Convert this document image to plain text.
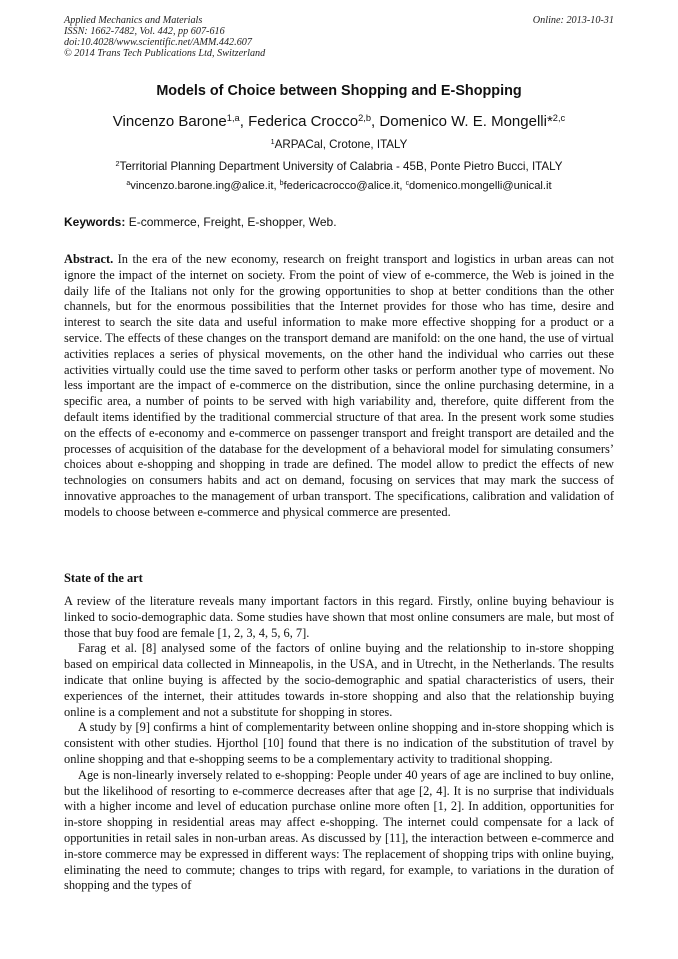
Applied Mechanics and Materials
ISSN: 1662-7482, Vol. 442, pp 607-616
doi:10.4028/www.scientific.net/AMM.442.607
© 2014 Trans Tech Publications Ltd, Switzerland
Online: 2013-10-31
Models of Choice between Shopping and E-Shopping
Vincenzo Barone$^{1,a}$, Federica Crocco$^{2,b}$, Domenico W. E. Mongelli*$^{2,c}$
$^1$ARPACal, Crotone, ITALY
$^2$Territorial Planning Department University of Calabria - 45B, Ponte Pietro Bucci, ITALY
$^a$vincenzo.barone.ing@alice.it, $^b$federicacrocco@alice.it, $^c$domenico.mongelli@unical.it
Keywords: E-commerce, Freight, E-shopper, Web.
Abstract. In the era of the new economy, research on freight transport and logistics in urban areas can not ignore the impact of the internet on society. From the point of view of e-commerce, the Web is joined in the daily life of the Italians not only for the growing opportunities to shop at better conditions than the other channels, but for the enormous possibilities that the Internet provides for those who has time, desire and interest to search the site data and useful information to make more effective shopping for a product or a service. The effects of these changes on the transport demand are manifold: on the one hand, the use of virtual activities replaces a series of physical movements, on the other hand the individual who carries out these activities virtually could use the time saved to perform other tasks or perform another type of movement. No less important are the impact of e-commerce on the distribution, since the online purchasing determine, in a specific area, a number of points to be served with high variability and, therefore, quite different from the default items identified by the traditional commercial structure of that area. In the present work some studies on the effects of e-economy and e-commerce on passenger transport and freight transport are detailed and the processes of acquisition of the database for the development of a behavioral model for simulating consumers’ choices about e-shopping and shopping in trade are defined. The model allow to predict the effects of new technologies on consumers habits and act on demand, focusing on services that may mark the success of innovative approaches to the management of urban transport. The specifications, calibration and validation of models to choose between e-commerce and physical commerce are presented.
State of the art

A review of the literature reveals many important factors in this regard. Firstly, online buying behaviour is linked to socio-demographic data. Some studies have shown that most online consumers are male, but most of those that buy food are female [1, 2, 3, 4, 5, 6, 7].

Farag et al. [8] analysed some of the factors of online buying and the relationship to in-store shopping based on empirical data collected in Minneapolis, in the USA, and in Utrecht, in the Netherlands. The results indicate that online buying is affected by the socio-demographic and spatial characteristics of users, their experiences of the internet, their attitudes towards in-store shopping and also that the relationship buying online is a complement and not a substitute for shopping in stores.

A study by [9] confirms a hint of complementarity between online shopping and in-store shopping which is consistent with other studies. Hjorthol [10] found that there is no indication of the substitution of travel by online shopping and that e-shopping seems to be a complementary activity to traditional shopping.

Age is non-linearly inversely related to e-shopping: People under 40 years of age are inclined to buy online, but the likelihood of resorting to e-commerce decreases after that age [2, 4]. It is no surprise that individuals with a higher income and level of education purchase online more often [1, 2]. In addition, opportunities for in-store shopping in residential areas may affect e-shopping. The internet could compensate for a lack of opportunities in retail sales in non-urban areas. As discussed by [11], the interaction between e-commerce and in-store commerce may be expressed in different ways: The replacement of shopping trips with online buying, eliminating the need to commute; changes to trips with regard, for example, to variations in the duration of shopping and the types of
